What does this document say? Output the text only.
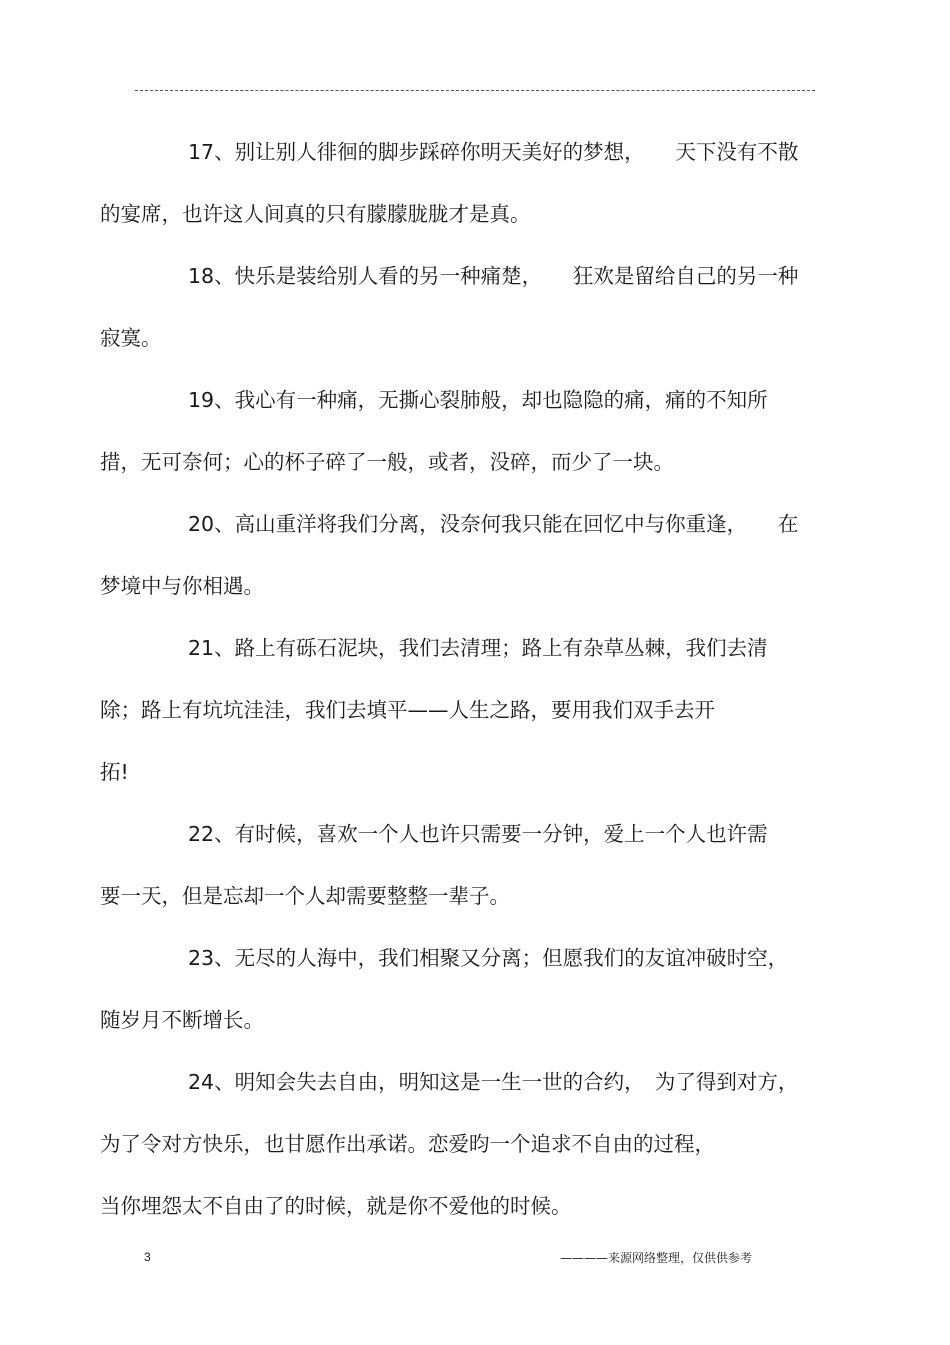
17、别让别人徘徊的脚步踩碎你明天美好的梦想，　　天下没有不散
的宴席，也许这人间真的只有朦朦胧胧才是真。

18、快乐是装给别人看的另一种痛楚，　　狂欢是留给自己的另一种
寂寞。

19、我心有一种痛，无撕心裂肺般，却也隐隐的痛，痛的不知所
措，无可奈何；心的杯子碎了一般，或者，没碎，而少了一块。

20、高山重洋将我们分离，没奈何我只能在回忆中与你重逢，　　在
梦境中与你相遇。

21、路上有砾石泥块，我们去清理；路上有杂草丛棘，我们去清
除；路上有坑坑洼洼，我们去填平——人生之路，要用我们双手去开
拓!

22、有时候，喜欢一个人也许只需要一分钟，爱上一个人也许需
要一天，但是忘却一个人却需要整整一辈子。

23、无尽的人海中，我们相聚又分离；但愿我们的友谊冲破时空，
随岁月不断增长。

24、明知会失去自由，明知这是一生一世的合约，　为了得到对方，
为了令对方快乐，也甘愿作出承诺。恋爱昀一个追求不自由的过程，
当你埋怨太不自由了的时候，就是你不爱他的时候。

3	————来源网络整理，仅供供参考
